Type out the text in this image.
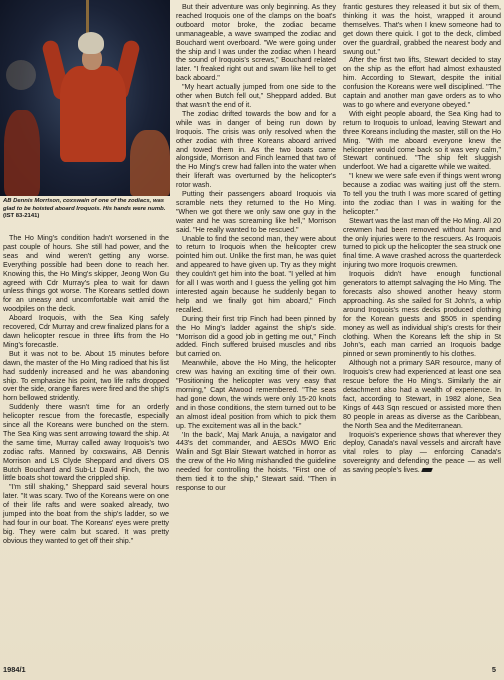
AB Dennis Morrison, coxswain of one of the zodiacs, was glad to be hoisted aboard Iroquois. His hands were numb. (IST 83-2141)

The Ho Ming's condition hadn't worsened in the past couple of hours. She still had power, and the seas and wind weren't getting any worse. Everything possible had been done to reach her. Knowing this, the Ho Ming's skipper, Jeong Won Gu agreed with Cdr Murray's plea to wait for dawn unless things got worse. The Koreans settled down for an uneasy and uncomfortable wait amid the woodpiles on the deck.

Aboard Iroquois, with the Sea King safely recovered, Cdr Murray and crew finalized plans for a dawn helicopter rescue in three lifts from the Ho Ming's forecastle.

But it was not to be. About 15 minutes before dawn, the master of the Ho Ming radioed that his list had suddenly increased and he was abandoning ship. To emphasize his point, two life rafts dropped over the side, orange flares were fired and the ship's horn bellowed stridently.

Suddenly there wasn't time for an orderly helicopter rescue from the forecastle, especially since all the Koreans were bunched on the stern. The Sea King was sent arrowing toward the ship. At the same time, Murray called away Iroquois's two zodiac rafts. Manned by coxswains, AB Dennis Morrison and LS Clyde Sheppard and divers OS Butch Bouchard and Sub-Lt David Finch, the two little boats shot toward the crippled ship.

"I'm still shaking," Sheppard said several hours later. "It was scary. Two of the Koreans were on one of their life rafts and were soaked already, two jumped into the boat from the ship's ladder, so we had four in our boat. The Koreans' eyes were pretty big. They were calm but scared. It was pretty obvious they wanted to get off their ship."

But their adventure was only beginning. As they reached Iroquois one of the clamps on the boat's outboard motor broke, the zodiac became unmanageable, a wave swamped the zodiac and Bouchard went overboard. "We were going under the ship and I was under the zodiac when I heard the sound of Iroquois's screws," Bouchard related later. "I freaked right out and swam like hell to get back aboard."

"My heart actually jumped from one side to the other when Butch fell out," Sheppard added. But that wasn't the end of it.

The zodiac drifted towards the bow and for a while was in danger of being run down by Iroquois. The crisis was only resolved when the other zodiac with three Koreans aboard arrived and towed them in. As the two boats came alongside, Morrison and Finch learned that two of the Ho Ming's crew had fallen into the water when their liferaft was overturned by the helicopter's rotor wash.

Putting their passengers aboard Iroquois via scramble nets they returned to the Ho Ming. "When we got there we only saw one guy in the water and he was screaming like hell," Morrison said. "He really wanted to be rescued."

Unable to find the second man, they were about to return to Iroquois when the helicopter crew pointed him out. Unlike the first man, he was quiet and appeared to have given up. Try as they might they couldn't get him into the boat. "I yelled at him for all I was worth and I guess the yelling got him interested again because he suddenly began to help and we finally got him aboard," Finch recalled.

During their first trip Finch had been pinned by the Ho Ming's ladder against the ship's side. "Morrison did a good job in getting me out," Finch added. Finch suffered bruised muscles and ribs but carried on.

Meanwhile, above the Ho Ming, the helicopter crew was having an exciting time of their own. "Positioning the helicopter was very easy that morning," Capt Atwood remembered. "The seas had gone down, the winds were only 15-20 knots and in those conditions, the stern turned out to be an almost ideal position from which to pick them up. The excitement was all in the back."

'In the back', Maj Mark Anuja, a navigator and 443's det commander, and AESOs MWO Eric Walin and Sgt Blair Stewart watched in horror as the crew of the Ho Ming mishandled the guideline needed for controlling the hoists. "First one of them tied it to the ship," Stewart said. "Then in response to our

frantic gestures they released it but six of them, thinking it was the hoist, wrapped it around themselves. That's when I knew someone had to get down there quick. I got to the deck, climbed over the guardrail, grabbed the nearest body and swung out."

After the first two lifts, Stewart decided to stay on the ship as the effort had almost exhausted him. According to Stewart, despite the initial confusion the Koreans were well disciplined. "The captain and another man gave orders as to who was to go where and everyone obeyed."

With eight people aboard, the Sea King had to return to Iroquois to unload, leaving Stewart and three Koreans including the master, still on the Ho Ming. "With me aboard everyone knew the helicopter would come back so it was very calm," Stewart continued. "The ship felt sluggish underfoot. We had a cigarette while we waited.

"I knew we were safe even if things went wrong because a zodiac was waiting just off the stern. To tell you the truth I was more scared of getting into the zodiac than I was in waiting for the helicopter."

Stewart was the last man off the Ho Ming. All 20 crewmen had been removed without harm and the only injuries were to the rescuers. As Iroquois turned to pick up the helicopter the sea struck one final time. A wave crashed across the quarterdeck injuring two more Iroquois crewmen.

Iroquois didn't have enough functional generators to attempt salvaging the Ho Ming. The forecasts also showed another heavy storm approaching. As she sailed for St John's, a whip around Iroquois's mess decks produced clothing for the Korean guests and $505 in spending money as well as individual ship's crests for their clothing. When the Koreans left the ship in St John's, each man carried an Iroquois badge pinned or sewn prominently to his clothes.

Although not a primary SAR resource, many of Iroquois's crew had experienced at least one sea rescue before the Ho Ming's. Similarly the air detachment also had a wealth of experience. In fact, according to Stewart, in 1982 alone, Sea Kings of 443 Sqn rescued or assisted more then 80 people in areas as diverse as the Caribbean, the North Sea and the Mediterranean.

Iroquois's experience shows that wherever they deploy, Canada's naval vessels and aircraft have vital roles to play — enforcing Canada's sovereignty and defending the peace — as well as saving people's lives.

1984/1	5
